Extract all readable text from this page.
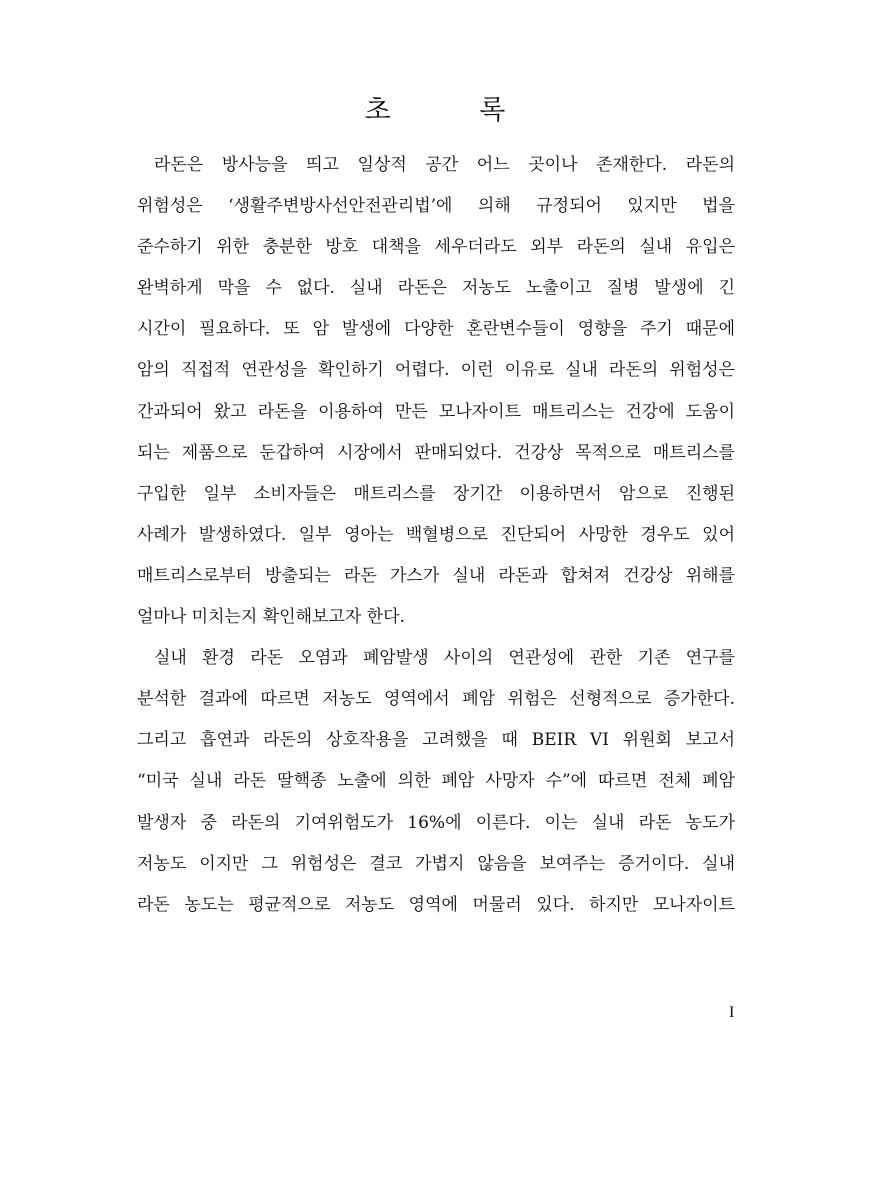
초 록
라돈은 방사능을 띄고 일상적 공간 어느 곳이나 존재한다. 라돈의
위험성은 ‘생활주변방사선안전관리법’에 의해 규정되어 있지만 법을
준수하기 위한 충분한 방호 대책을 세우더라도 외부 라돈의 실내 유입은
완벽하게 막을 수 없다. 실내 라돈은 저농도 노출이고 질병 발생에 긴
시간이 필요하다. 또 암 발생에 다양한 혼란변수들이 영향을 주기 때문에
암의 직접적 연관성을 확인하기 어렵다. 이런 이유로 실내 라돈의 위험성은
간과되어 왔고 라돈을 이용하여 만든 모나자이트 매트리스는 건강에 도움이
되는 제품으로 둔갑하여 시장에서 판매되었다. 건강상 목적으로 매트리스를
구입한 일부 소비자들은 매트리스를 장기간 이용하면서 암으로 진행된
사례가 발생하였다. 일부 영아는 백혈병으로 진단되어 사망한 경우도 있어
매트리스로부터 방출되는 라돈 가스가 실내 라돈과 합쳐져 건강상 위해를
얼마나 미치는지 확인해보고자 한다.
실내 환경 라돈 오염과 폐암발생 사이의 연관성에 관한 기존 연구를
분석한 결과에 따르면 저농도 영역에서 폐암 위험은 선형적으로 증가한다.
그리고 흡연과 라돈의 상호작용을 고려했을 때 BEIR VI 위원회 보고서
“미국 실내 라돈 딸핵종 노출에 의한 폐암 사망자 수”에 따르면 전체 폐암
발생자 중 라돈의 기여위험도가 16%에 이른다. 이는 실내 라돈 농도가
저농도 이지만 그 위험성은 결코 가볍지 않음을 보여주는 증거이다. 실내
라돈 농도는 평균적으로 저농도 영역에 머물러 있다. 하지만 모나자이트
I
